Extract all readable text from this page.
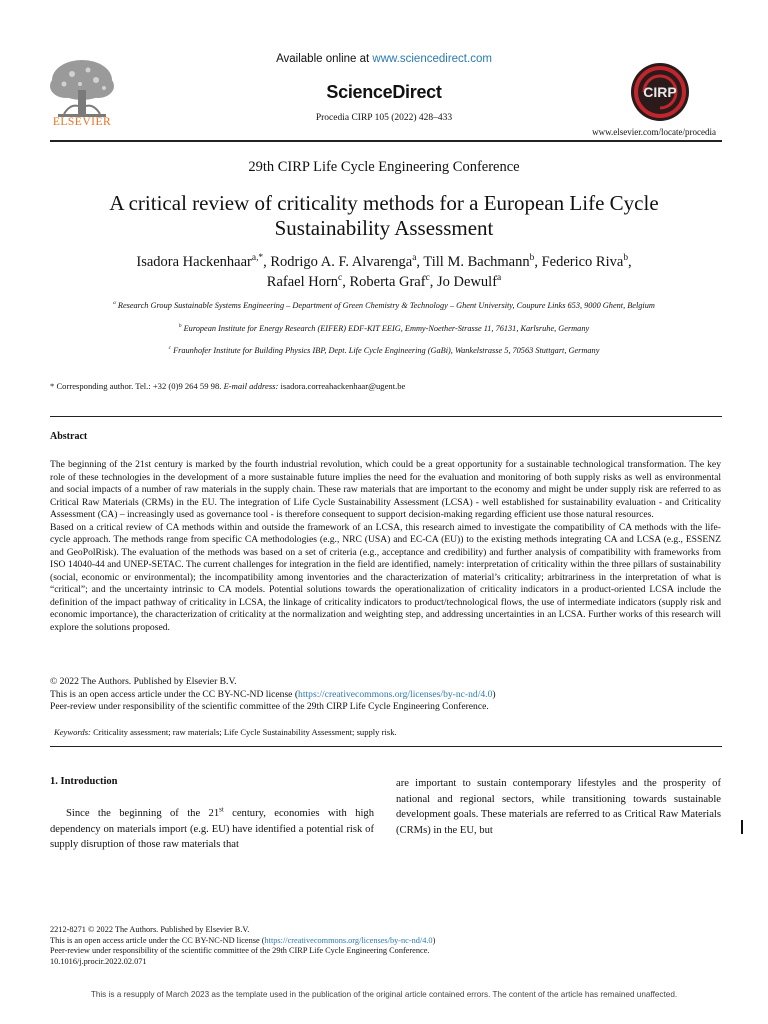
ELSEVIER
Available online at www.sciencedirect.com
ScienceDirect
Procedia CIRP 105 (2022) 428–433
CIRP
www.elsevier.com/locate/procedia
29th CIRP Life Cycle Engineering Conference
A critical review of criticality methods for a European Life Cycle Sustainability Assessment
Isadora Hackenhaar$^{a,*}$, Rodrigo A. F. Alvarenga$^a$, Till M. Bachmann$^b$, Federico Riva$^b$,
Rafael Horn$^c$, Roberta Graf$^c$, Jo Dewulf$^a$
$^a$ Research Group Sustainable Systems Engineering – Department of Green Chemistry & Technology – Ghent University, Coupure Links 653, 9000 Ghent, Belgium
$^b$ European Institute for Energy Research (EIFER) EDF-KIT EEIG, Emmy-Noether-Strasse 11, 76131, Karlsruhe, Germany
$^c$ Fraunhofer Institute for Building Physics IBP, Dept. Life Cycle Engineering (GaBi), Wankelstrasse 5, 70563 Stuttgart, Germany
* Corresponding author. Tel.: +32 (0)9 264 59 98. E-mail address: isadora.correahackenhaar@ugent.be
Abstract

The beginning of the 21st century is marked by the fourth industrial revolution, which could be a great opportunity for a sustainable technological transformation. The key role of these technologies in the development of a more sustainable future implies the need for the evaluation and monitoring of both supply risks as well as environmental and social impacts of a number of raw materials in the supply chain. These raw materials that are important to the economy and might be under supply risk are referred to as Critical Raw Materials (CRMs) in the EU. The integration of Life Cycle Sustainability Assessment (LCSA) - well established for sustainability evaluation - and Criticality Assessment (CA) – increasingly used as governance tool - is therefore consequent to support decision-making regarding efficient use those natural resources.

Based on a critical review of CA methods within and outside the framework of an LCSA, this research aimed to investigate the compatibility of CA methods with the life-cycle approach. The methods range from specific CA methodologies (e.g., NRC (USA) and EC-CA (EU)) to the existing methods integrating CA and LCSA (e.g., ESSENZ and GeoPolRisk). The evaluation of the methods was based on a set of criteria (e.g., acceptance and credibility) and further analysis of compatibility with frameworks from ISO 14040-44 and UNEP-SETAC. The current challenges for integration in the field are identified, namely: interpretation of criticality within the three pillars of sustainability (social, economic or environmental); the incompatibility among inventories and the characterization of material’s criticality; arbitrariness in the interpretation of what is “critical”; and the uncertainty intrinsic to CA models. Potential solutions towards the operationalization of criticality indicators in a product-oriented LCSA include the definition of the impact pathway of criticality in LCSA, the linkage of criticality indicators to product/technological flows, the use of intermediate indicators (supply risk and economic importance), the characterization of criticality at the normalization and weighting step, and addressing uncertainties in an LCSA. Further works of this research will explore the solutions proposed.

© 2022 The Authors. Published by Elsevier B.V.
This is an open access article under the CC BY-NC-ND license (https://creativecommons.org/licenses/by-nc-nd/4.0)
Peer-review under responsibility of the scientific committee of the 29th CIRP Life Cycle Engineering Conference.
Keywords: Criticality assessment; raw materials; Life Cycle Sustainability Assessment; supply risk.
1. Introduction
Since the beginning of the 21st century, economies with high dependency on materials import (e.g. EU) have identified a potential risk of supply disruption of those raw materials that
are important to sustain contemporary lifestyles and the prosperity of national and regional sectors, while transitioning towards sustainable development goals. These materials are referred to as Critical Raw Materials (CRMs) in the EU, but
2212-8271 © 2022 The Authors. Published by Elsevier B.V.
This is an open access article under the CC BY-NC-ND license (https://creativecommons.org/licenses/by-nc-nd/4.0)
Peer-review under responsibility of the scientific committee of the 29th CIRP Life Cycle Engineering Conference.
10.1016/j.procir.2022.02.071
This is a resupply of March 2023 as the template used in the publication of the original article contained errors. The content of the article has remained unaffected.
